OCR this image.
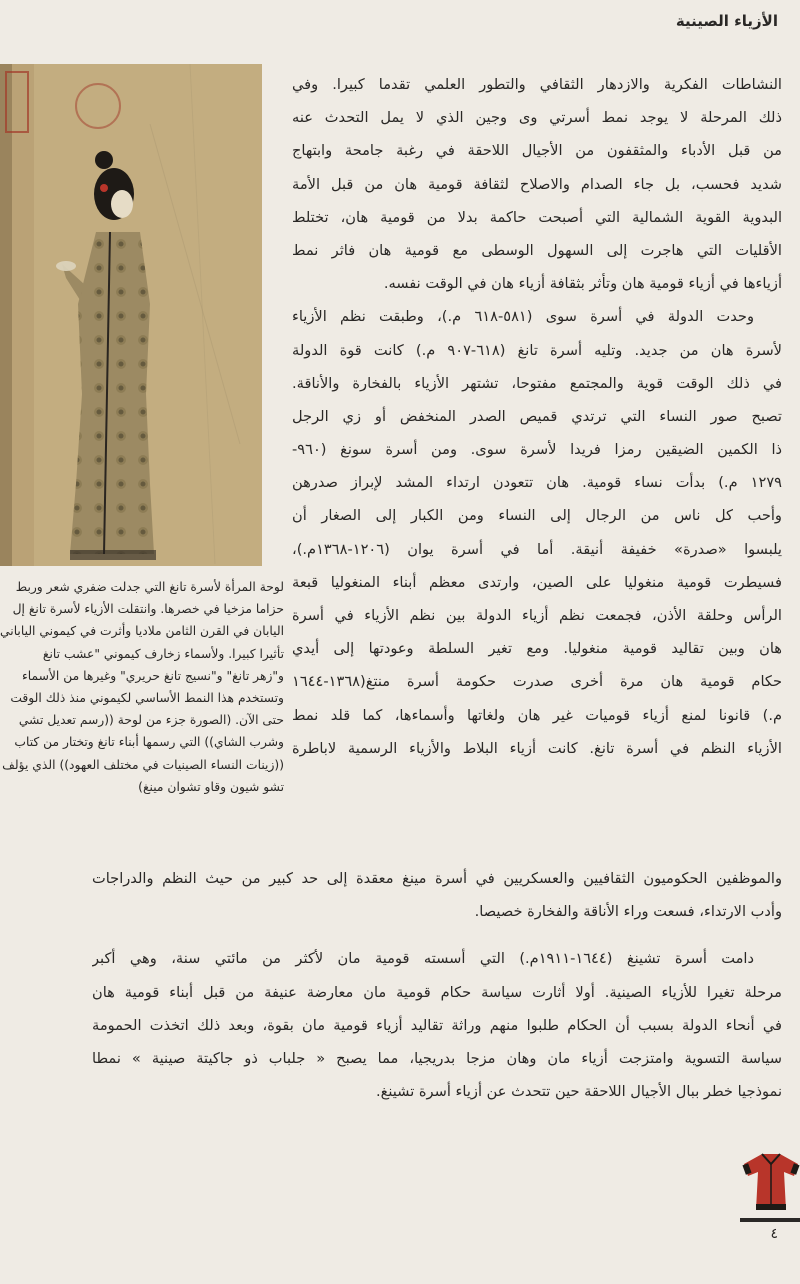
الأزياء الصينية
لوحة المرأة لأسرة تانغ التي جدلت ضفري شعر وربط
حزاما مزخيا في خصرها. وانتقلت الأزياء لأسرة تانغ إل
اليابان في القرن الثامن ملاديا وأثرت في كيموني الياباني
تأثيرا كبيرا. ولأسماء زخارف كيموني "عشب تانغ
و"زهر تانغ" و"نسيج تانغ حريري" وغيرها من الأسماء
وتستخدم هذا النمط الأساسي لكيموني منذ ذلك الوقت
حتى الآن. (الصورة جزء من لوحة ((رسم تعديل تشي
وشرب الشاي)) التي رسمها أبناء تانغ وتختار من كتاب
((زينات النساء الصينيات في مختلف العهود)) الذي يؤلف
تشو شيون وقاو تشوان مينغ)
النشاطات الفكرية والازدهار الثقافي والتطور العلمي تقدما كبيرا. وفي
ذلك المرحلة لا يوجد نمط أسرتي وى وجين الذي لا يمل التحدث عنه
من قبل الأدباء والمثقفون من الأجيال اللاحقة في رغبة جامحة وابتهاج
شديد فحسب، بل جاء الصدام والاصلاح لثقافة قومية هان من قبل الأمة
البدوية القوية الشمالية التي أصبحت حاكمة بدلا من قومية هان، تختلط
الأقليات التي هاجرت إلى السهول الوسطى مع قومية هان فاثر نمط
أزياءها في أزياء قومية هان وتأثر بثقافة أزياء هان في الوقت نفسه.
وحدت الدولة في أسرة سوى (٥٨١-٦١٨ م.)، وطبقت نظم الأزياء
لأسرة هان من جديد. وتليه أسرة تانغ (٦١٨-٩٠٧ م.) كانت قوة الدولة
في ذلك الوقت قوية والمجتمع مفتوحا، تشتهر الأزياء بالفخارة والأناقة.
تصبح صور النساء التي ترتدي قميص الصدر المنخفض أو زي الرجل
ذا الكمين الضيقين رمزا فريدا لأسرة سوى. ومن أسرة سونغ (٩٦٠-
١٢٧٩ م.) بدأت نساء قومية. هان تتعودن ارتداء المشد لإبراز صدرهن
وأحب كل ناس من الرجال إلى النساء ومن الكبار إلى الصغار أن
يلبسوا «صدرة» خفيفة أنيقة. أما في أسرة يوان (١٢٠٦-١٣٦٨م.)،
فسيطرت قومية منغوليا على الصين، وارتدى معظم أبناء المنغوليا قبعة
الرأس وحلقة الأذن، فجمعت نظم أزياء الدولة بين نظم الأزياء في أسرة
هان وبين تقاليد قومية منغوليا. ومع تغير السلطة وعودتها إلى أيدي
حكام قومية هان مرة أخرى صدرت حكومة أسرة منتغ(١٣٦٨-١٦٤٤
م.) قانونا لمنع أزياء قوميات غير هان ولغاتها وأسماءها، كما قلد نمط
الأزياء النظم في أسرة تانغ. كانت أزياء البلاط والأزياء الرسمية لاباطرة
والموظفين الحكوميون الثقافيين والعسكريين في أسرة مينغ معقدة إلى حد كبير من حيث النظم والدراجات
وأدب الارتداء، فسعت وراء الأناقة والفخارة خصيصا.
دامت أسرة تشينغ (١٦٤٤-١٩١١م.) التي أسسته قومية مان لأكثر من مائتي سنة، وهي أكبر
مرحلة تغيرا للأزياء الصينية. أولا أثارت سياسة حكام قومية مان معارضة عنيفة من قبل أبناء قومية هان
في أنحاء الدولة بسبب أن الحكام طلبوا منهم وراثة تقاليد أزياء قومية مان بقوة، وبعد ذلك اتخذت الحمومة
سياسة التسوية وامتزجت أزياء مان وهان مزجا بدريجيا، مما يصبح « جلباب ذو جاكيتة صينية » نمطا
نموذجيا خطر ببال الأجيال اللاحقة حين تتحدث عن أزياء أسرة تشينغ.
٤
